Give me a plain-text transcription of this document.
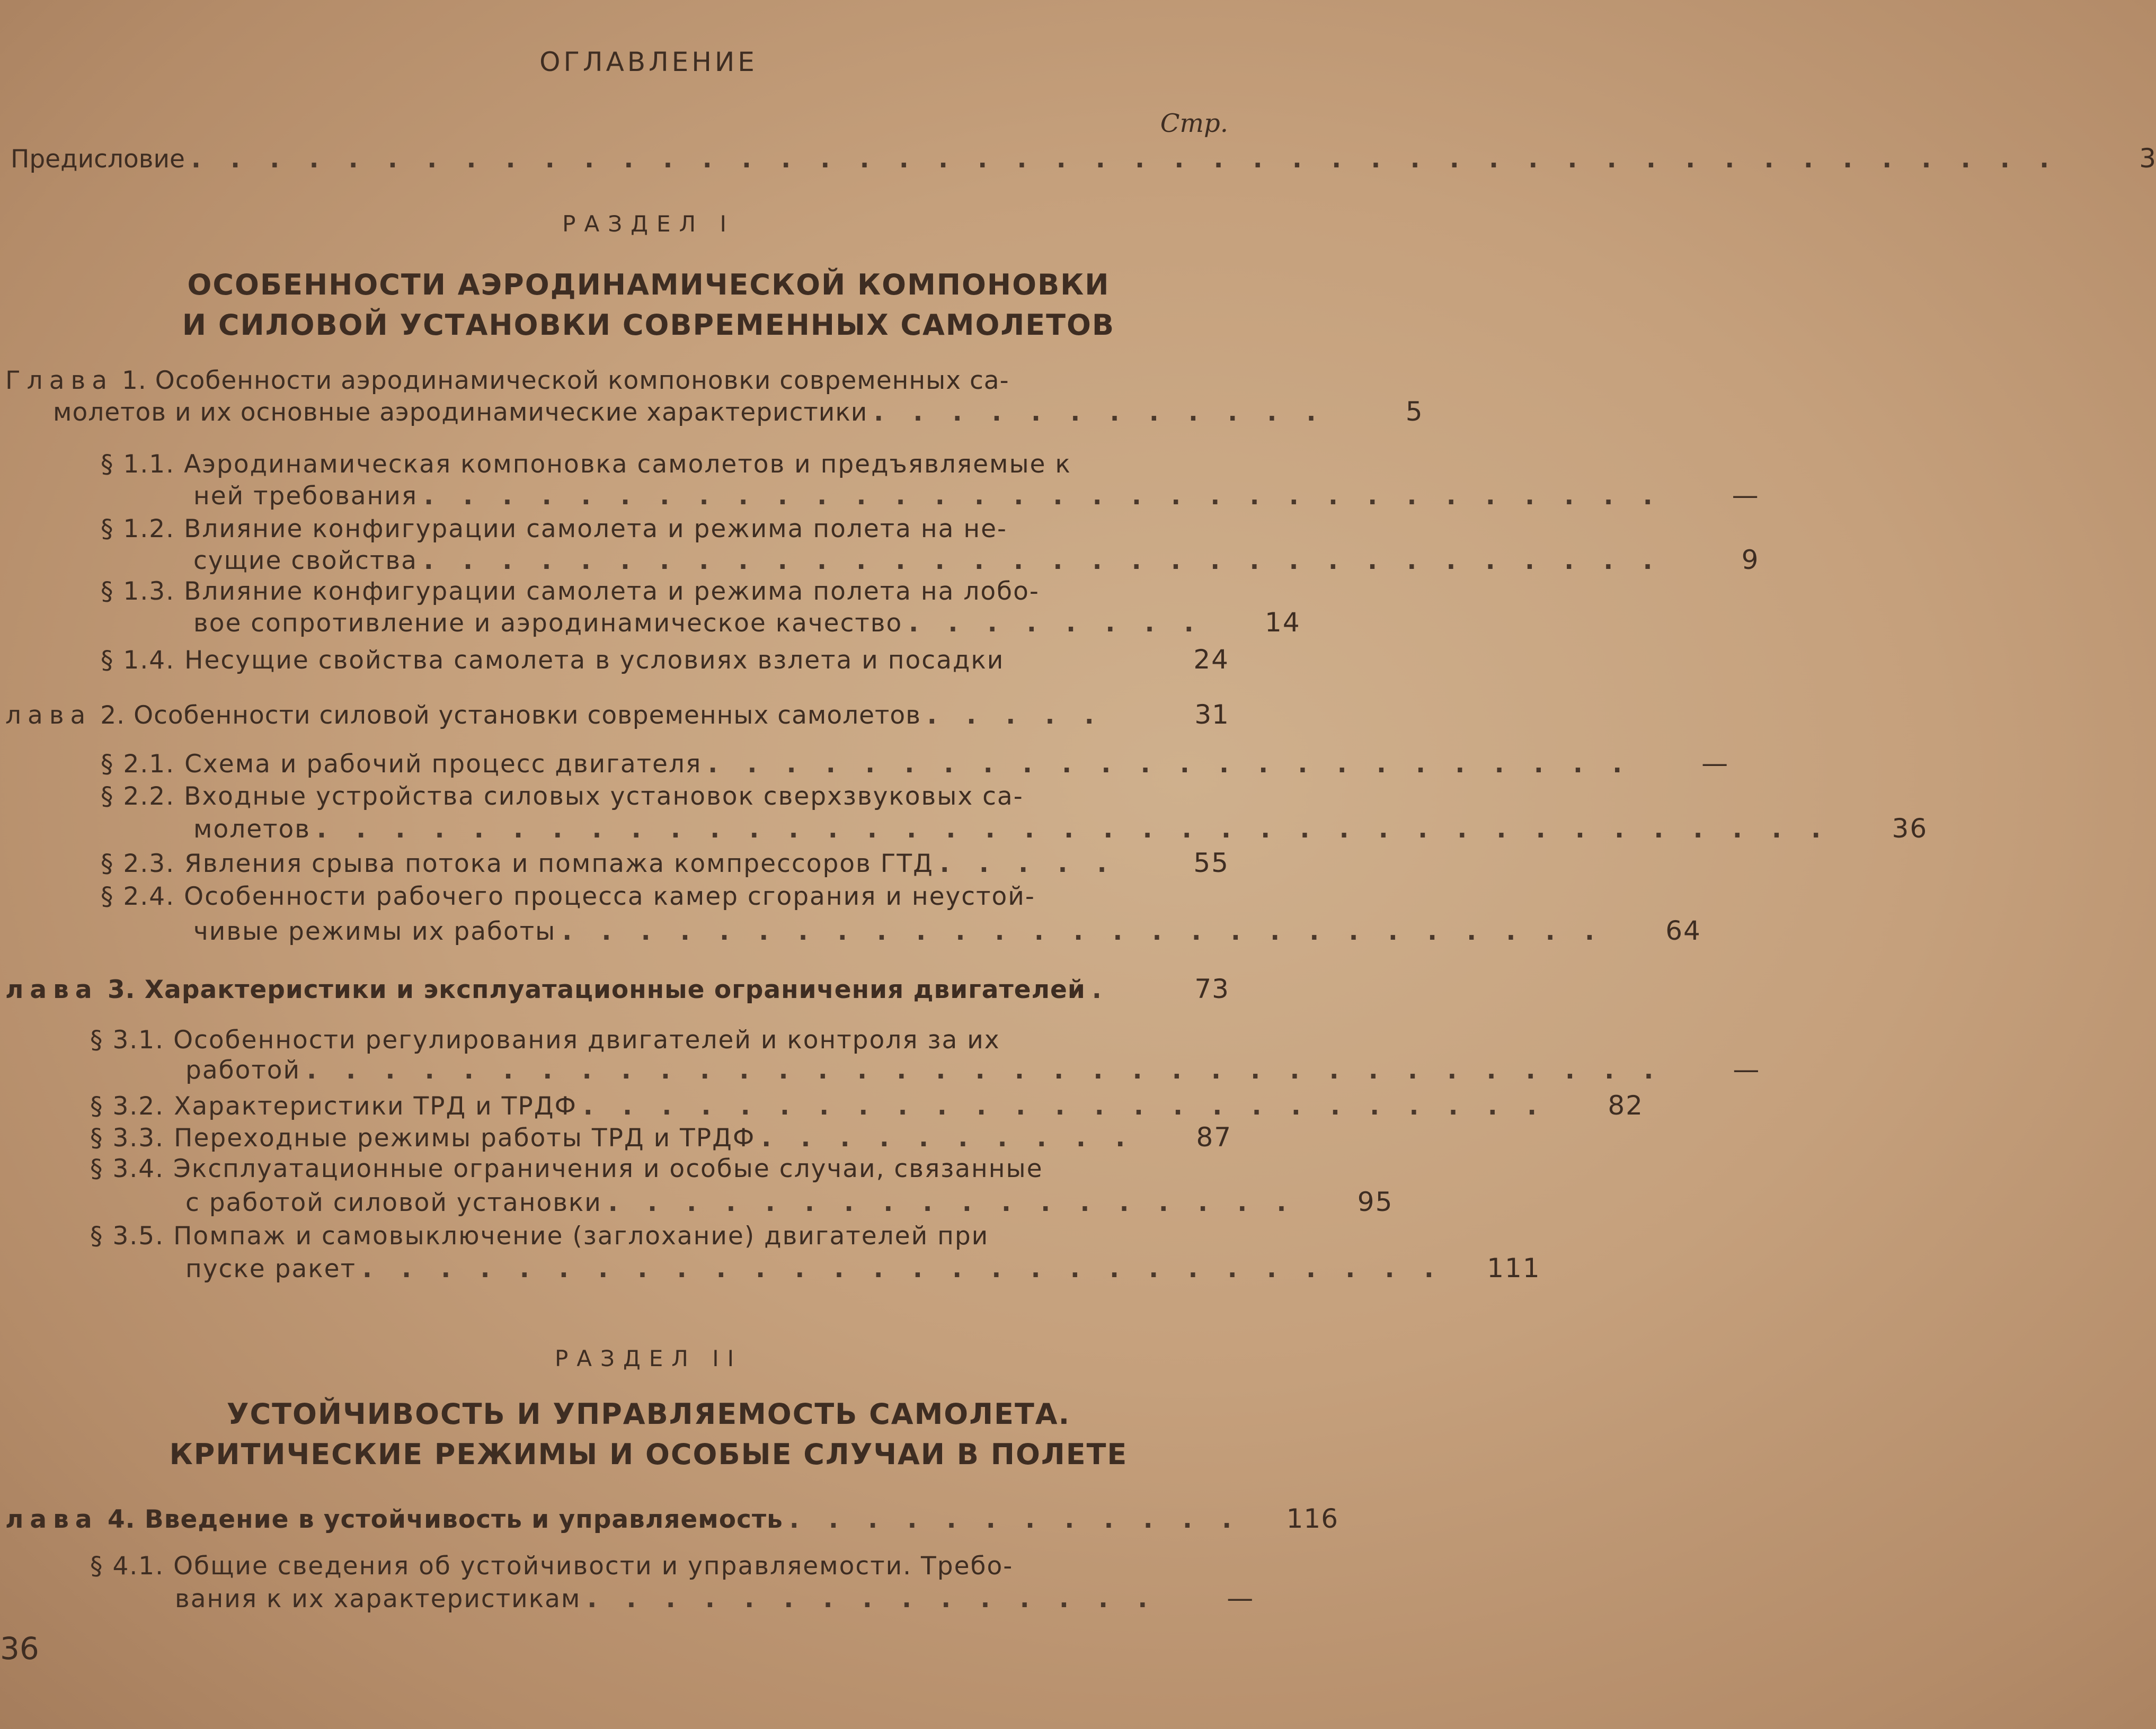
ОГЛАВЛЕНИЕ
Стр.
Предисловие . . . . . . . . . . . . . . . . . . . . . . . . . . . . . . . . . . . . . . . . . . . . . . . .	3
РАЗДЕЛ I
ОСОБЕННОСТИ АЭРОДИНАМИЧЕСКОЙ КОМПОНОВКИ
И СИЛОВОЙ УСТАНОВКИ СОВРЕМЕННЫХ САМОЛЕТОВ
Глава 1. Особенности аэродинамической компоновки современных са-
молетов и их основные аэродинамические характеристики . . . . . . . . . . . .	5
§ 1.1. Аэродинамическая компоновка самолетов и предъявляемые к
ней требования . . . . . . . . . . . . . . . . . . . . . . . . . . . . . . . .	—
§ 1.2. Влияние конфигурации самолета и режима полета на не-
сущие свойства . . . . . . . . . . . . . . . . . . . . . . . . . . . . . . . .	9
§ 1.3. Влияние конфигурации самолета и режима полета на лобо-
вое сопротивление и аэродинамическое качество . . . . . . . .	14
§ 1.4. Несущие свойства самолета в условиях взлета и посадки	24
лава 2. Особенности силовой установки современных самолетов . . . . .	31
§ 2.1. Схема и рабочий процесс двигателя . . . . . . . . . . . . . . . . . . . . . . . .	—
§ 2.2. Входные устройства силовых установок сверхзвуковых са-
молетов . . . . . . . . . . . . . . . . . . . . . . . . . . . . . . . . . . . . . . .	36
§ 2.3. Явления срыва потока и помпажа компрессоров ГТД . . . . .	55
§ 2.4. Особенности рабочего процесса камер сгорания и неустой-
чивые режимы их работы . . . . . . . . . . . . . . . . . . . . . . . . . . .	64
лава 3. Характеристики и эксплуатационные ограничения двигателей .	73
§ 3.1. Особенности регулирования двигателей и контроля за их
работой . . . . . . . . . . . . . . . . . . . . . . . . . . . . . . . . . . .	—
§ 3.2. Характеристики ТРД и ТРДФ . . . . . . . . . . . . . . . . . . . . . . . . .	82
§ 3.3. Переходные режимы работы ТРД и ТРДФ . . . . . . . . . .	87
§ 3.4. Эксплуатационные ограничения и особые случаи, связанные
с работой силовой установки . . . . . . . . . . . . . . . . . .	95
§ 3.5. Помпаж и самовыключение (заглохание) двигателей при
пуске ракет . . . . . . . . . . . . . . . . . . . . . . . . . . . .	111
РАЗДЕЛ II
УСТОЙЧИВОСТЬ И УПРАВЛЯЕМОСТЬ САМОЛЕТА.
КРИТИЧЕСКИЕ РЕЖИМЫ И ОСОБЫЕ СЛУЧАИ В ПОЛЕТЕ
лава 4. Введение в устойчивость и управляемость . . . . . . . . . . . .	116
§ 4.1. Общие сведения об устойчивости и управляемости. Требо-
вания к их характеристикам . . . . . . . . . . . . . . .	—
36
